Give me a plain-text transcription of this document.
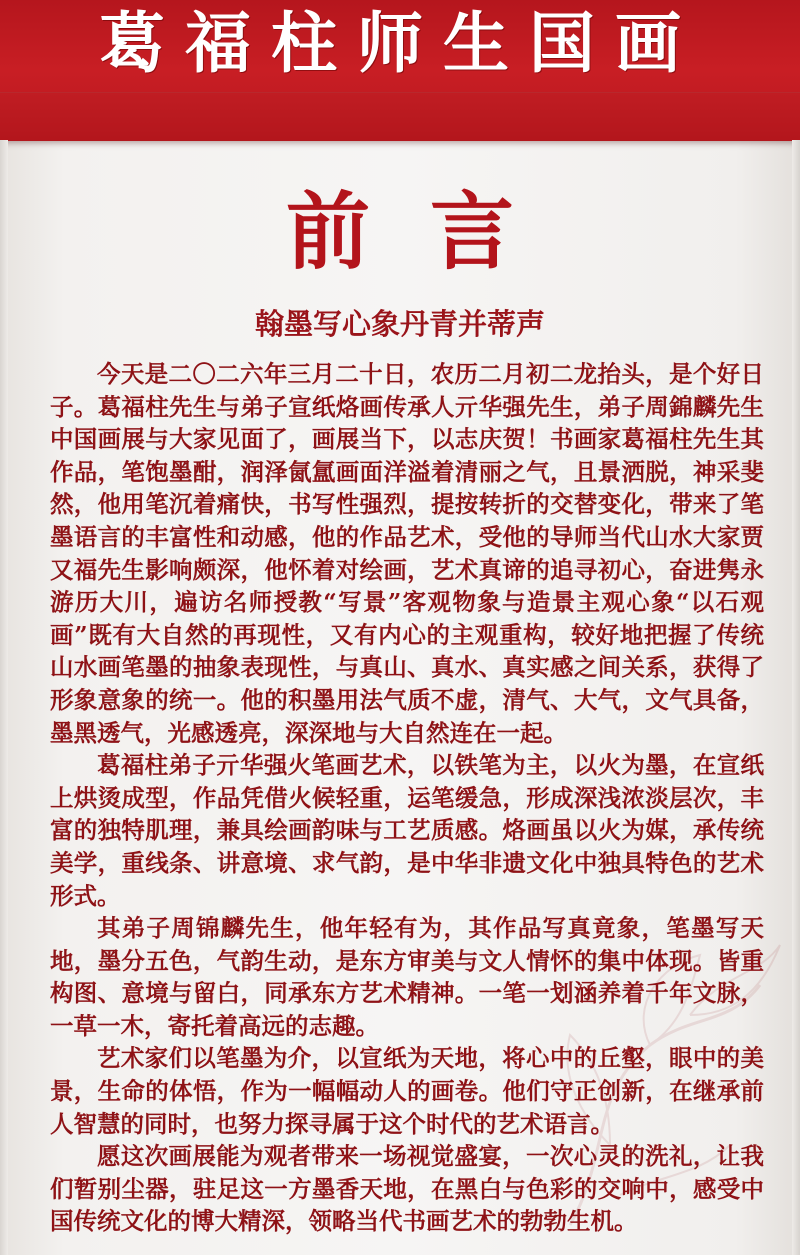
葛福柱师生国画
前言
翰墨写心象丹青并蒂声

今天是二〇二六年三月二十日，农历二月初二龙抬头，是个好日子。葛福柱先生与弟子宣纸烙画传承人亓华强先生，弟子周錦麟先生中国画展与大家见面了，画展当下，以志庆贺！书画家葛福柱先生其作品，笔饱墨酣，润泽氤氲画面洋溢着清丽之气，且景洒脱，神采斐然，他用笔沉着痛快，书写性强烈，提按转折的交替变化，带来了笔墨语言的丰富性和动感，他的作品艺术，受他的导师当代山水大家贾又福先生影响颇深，他怀着对绘画，艺术真谛的追寻初心，奋进隽永游历大川，遍访名师授教“写景”客观物象与造景主观心象“以石观画”既有大自然的再现性，又有内心的主观重构，较好地把握了传统山水画笔墨的抽象表现性，与真山、真水、真实感之间关系，获得了形象意象的统一。他的积墨用法气质不虚，清气、大气，文气具备，墨黑透气，光感透亮，深深地与大自然连在一起。

葛福柱弟子亓华强火笔画艺术，以铁笔为主，以火为墨，在宣纸上烘烫成型，作品凭借火候轻重，运笔缓急，形成深浅浓淡层次，丰富的独特肌理，兼具绘画韵味与工艺质感。烙画虽以火为媒，承传统美学，重线条、讲意境、求气韵，是中华非遗文化中独具特色的艺术形式。

其弟子周锦麟先生，他年轻有为，其作品写真竟象，笔墨写天地，墨分五色，气韵生动，是东方审美与文人情怀的集中体现。皆重构图、意境与留白，同承东方艺术精神。一笔一划涵养着千年文脉，一草一木，寄托着高远的志趣。

艺术家们以笔墨为介，以宣纸为天地，将心中的丘壑，眼中的美景，生命的体悟，作为一幅幅动人的画卷。他们守正创新，在继承前人智慧的同时，也努力探寻属于这个时代的艺术语言。

愿这次画展能为观者带来一场视觉盛宴，一次心灵的洗礼，让我们暂别尘器，驻足这一方墨香天地，在黑白与色彩的交响中，感受中国传统文化的博大精深，领略当代书画艺术的勃勃生机。
